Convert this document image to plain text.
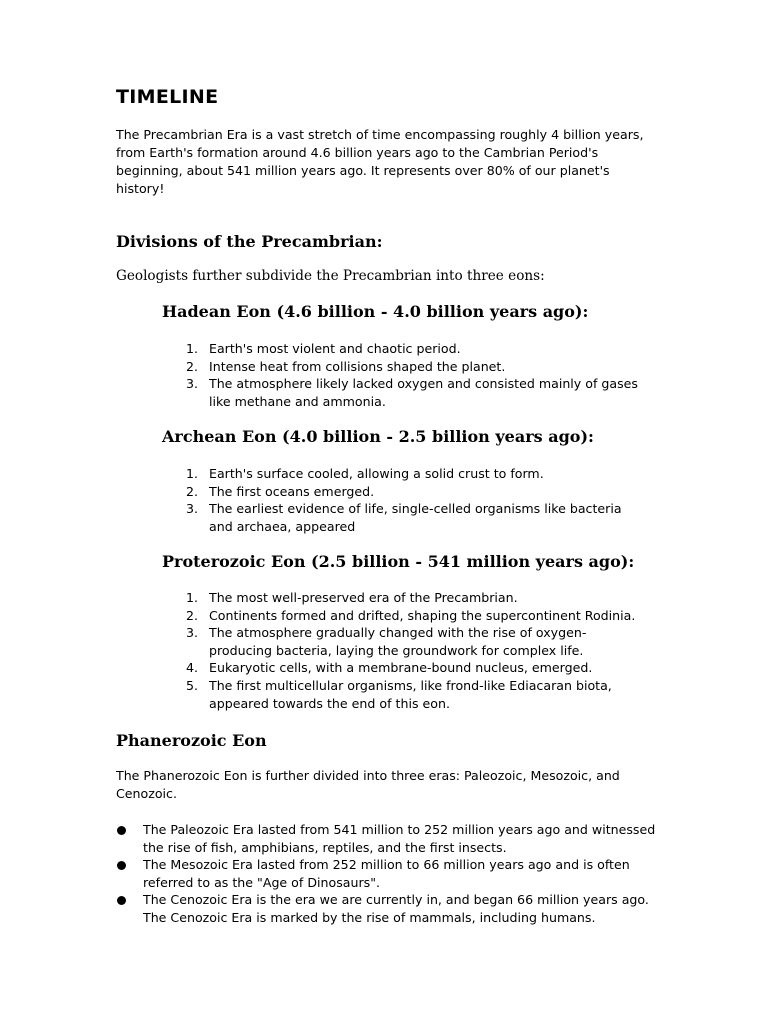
TIMELINE

The Precambrian Era is a vast stretch of time encompassing roughly 4 billion years, from Earth's formation around 4.6 billion years ago to the Cambrian Period's beginning, about 541 million years ago. It represents over 80% of our planet's history!

Divisions of the Precambrian:

Geologists further subdivide the Precambrian into three eons:

Hadean Eon (4.6 billion - 4.0 billion years ago):
1. Earth's most violent and chaotic period.
2. Intense heat from collisions shaped the planet.
3. The atmosphere likely lacked oxygen and consisted mainly of gases like methane and ammonia.
Archean Eon (4.0 billion - 2.5 billion years ago):
1. Earth's surface cooled, allowing a solid crust to form.
2. The first oceans emerged.
3. The earliest evidence of life, single-celled organisms like bacteria and archaea, appeared
Proterozoic Eon (2.5 billion - 541 million years ago):
1. The most well-preserved era of the Precambrian.
2. Continents formed and drifted, shaping the supercontinent Rodinia.
3. The atmosphere gradually changed with the rise of oxygen-producing bacteria, laying the groundwork for complex life.
4. Eukaryotic cells, with a membrane-bound nucleus, emerged.
5. The first multicellular organisms, like frond-like Ediacaran biota, appeared towards the end of this eon.
Phanerozoic Eon

The Phanerozoic Eon is further divided into three eras: Paleozoic, Mesozoic, and Cenozoic.

The Paleozoic Era lasted from 541 million to 252 million years ago and witnessed the rise of fish, amphibians, reptiles, and the first insects.
The Mesozoic Era lasted from 252 million to 66 million years ago and is often referred to as the "Age of Dinosaurs".
The Cenozoic Era is the era we are currently in, and began 66 million years ago. The Cenozoic Era is marked by the rise of mammals, including humans.
